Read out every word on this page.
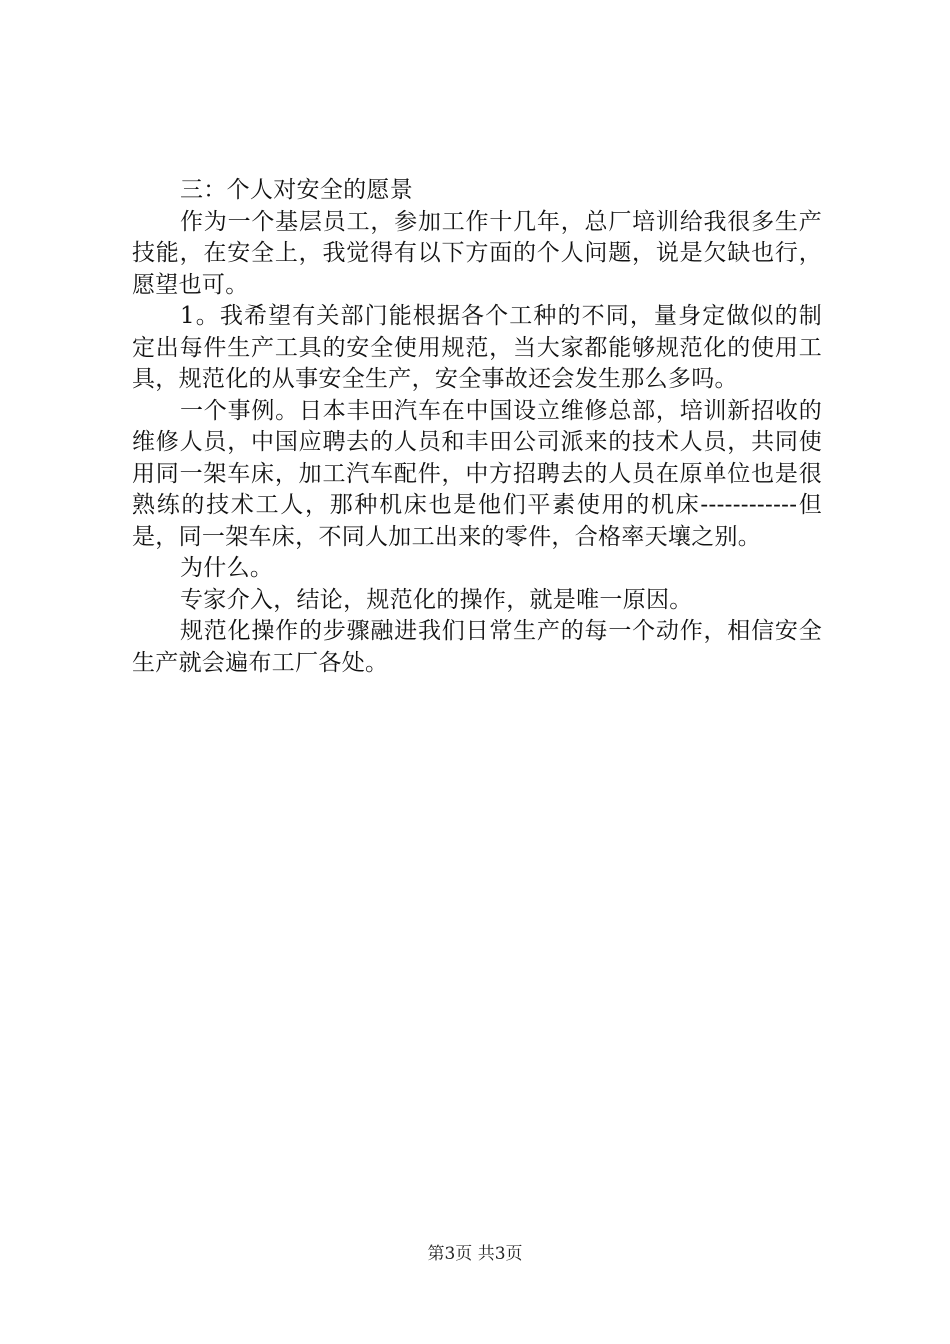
三：个人对安全的愿景

作为一个基层员工，参加工作十几年，总厂培训给我很多生产技能，在安全上，我觉得有以下方面的个人问题，说是欠缺也行，愿望也可。

1。我希望有关部门能根据各个工种的不同，量身定做似的制定出每件生产工具的安全使用规范，当大家都能够规范化的使用工具，规范化的从事安全生产，安全事故还会发生那么多吗。

一个事例。日本丰田汽车在中国设立维修总部，培训新招收的维修人员，中国应聘去的人员和丰田公司派来的技术人员，共同使用同一架车床，加工汽车配件，中方招聘去的人员在原单位也是很熟练的技术工人，那种机床也是他们平素使用的机床------------但是，同一架车床，不同人加工出来的零件，合格率天壤之别。

为什么。

专家介入，结论，规范化的操作，就是唯一原因。

规范化操作的步骤融进我们日常生产的每一个动作，相信安全生产就会遍布工厂各处。

第3页 共3页
